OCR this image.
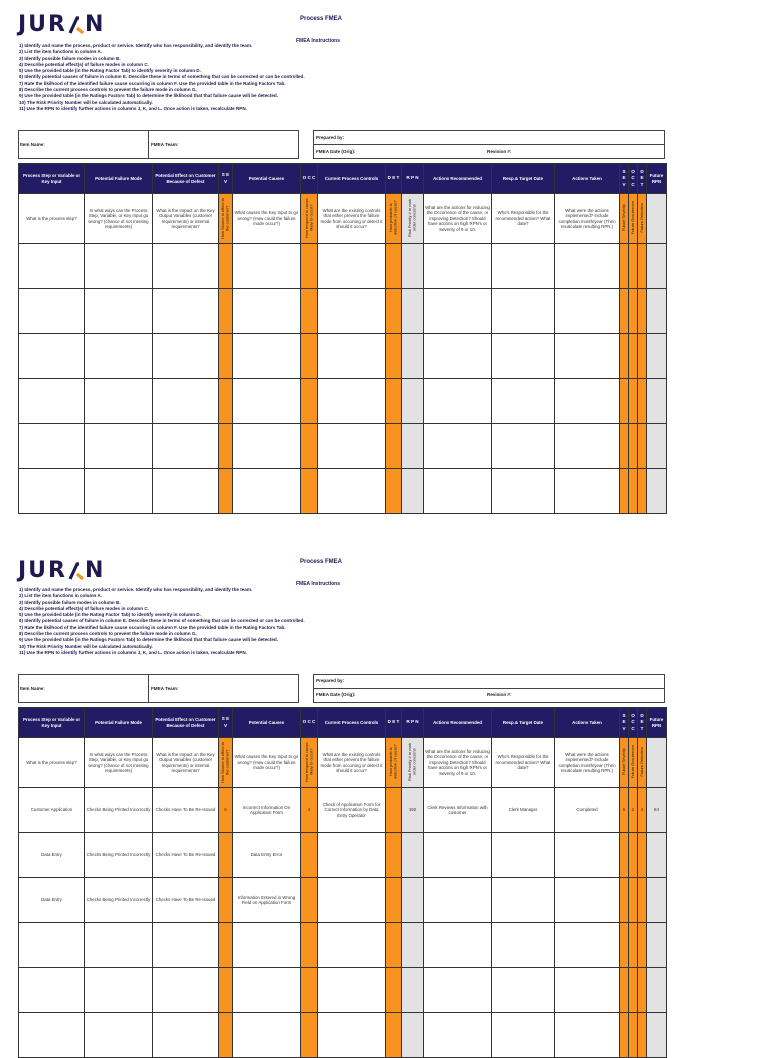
JUR N	Process FMEA
FMEA Instructions
1) Identify and name the process, product or service. Identify who has responsibility, and identify the team.
2) List the item functions in column A.
3) Identify possible failure modes in column B.
4) Describe potential effect(s) of failure modes in column C.
5) Use the provided table (in the Rating Factor Tab) to identify severity in column D.
6) Identify potential causes of failure in column E. Describe these in terms of something that can be corrected or can be controlled.
7) Rate the likilhood of the identified failure cause occurring in column F. Use the provided table in the Rating Factors Tab.
8) Describe the current process controls to prevent the failure mode in column G.
9) Use the provided table (in the Ratings Factors Tab) to determine the liklihood that that failure cause will be detected.
10) The Risk Priority Number will be calculated automatically.
11) Use the RPN to identify further actions in columns J, K, and L. Once action is taken, recalculate RPN.
Item Name:	FMEA Team:
Prepared by:
FMEA Date (Orig):	Revision #:
Process Step or Variable or Key Input	Potential Failure Mode	Potential Effect on Customer Because of Defect	S E V	Potential Causes	O C C	Current Process Controls	D E T	R P N	Actions Recommended	Resp.& Target Date	Actions Taken	S E V	O C C	D E T	Future RPN
What is the process step?	In what ways can the Process Step, Variable, or Key Input go wrong? (chance of not meeting requirements)	What is the impact on the Key Output Variables (customer requirements) or internal requirements?	How Severe is effect to the customer?	What causes the Key Input to go wrong? (How could the failure mode occur?)	How frequent is cause likely to occur?	What are the existing controls that either prevent the failure mode from occurring or detect it should it occur?	How probable is detection of cause?	Risk Priority # to rank order concerns	What are the actions for reducing the Occurrence of the cause, or improving Detection? Should have actions on high RPN's or Severity of 9 or 10.	Who's Responsible for the recommended action? What date?	What were the actions implemented? Include completion month/year (Then recalculate resulting RPN.)	Future Severity	Future Occurrence	Future Detection	

JUR N	Process FMEA
FMEA Instructions
1) Identify and name the process, product or service. Identify who has responsibility, and identify the team.
2) List the item functions in column A.
3) Identify possible failure modes in column B.
4) Describe potential effect(s) of failure modes in column C.
5) Use the provided table (in the Rating Factor Tab) to identify severity in column D.
6) Identify potential causes of failure in column E. Describe these in terms of something that can be corrected or can be controlled.
7) Rate the likilhood of the identified failure cause occurring in column F. Use the provided table in the Rating Factors Tab.
8) Describe the current process controls to prevent the failure mode in column G.
9) Use the provided table (in the Ratings Factors Tab) to determine the liklihood that that failure cause will be detected.
10) The Risk Priority Number will be calculated automatically.
11) Use the RPN to identify further actions in columns J, K, and L. Once action is taken, recalculate RPN.
Item Name:	FMEA Team:
Prepared by:
FMEA Date (Orig):	Revision #:
Process Step or Variable or Key Input	Potential Failure Mode	Potential Effect on Customer Because of Defect	S E V	Potential Causes	O C C	Current Process Controls	D E T	R P N	Actions Recommended	Resp.& Target Date	Actions Taken	S E V	O C C	D E T	Future RPN
What is the process step?	In what ways can the Process Step, Variable, or Key Input go wrong? (chance of not meeting requirements)	What is the impact on the Key Output Variables (customer requirements) or internal requirements?	How Severe is effect to the customer?	What causes the Key Input to go wrong? (How could the failure mode occur?)	How frequent is cause likely to occur?	What are the existing controls that either prevent the failure mode from occurring or detect it should it occur?	How probable is detection of cause?	Risk Priority # to rank order concerns	What are the actions for reducing the Occurrence of the cause, or improving Detection? Should have actions on high RPN's or Severity of 9 or 10.	Who's Responsible for the recommended action? What date?	What were the actions implemented? Include completion month/year (Then recalculate resulting RPN.)	Future Severity	Future Occurrence	Future Detection	
Customer Application	Checks Being Printed Incorrectly	Checks Have To Be Re-Issued	6	Incorrect Information On Application Form	4	Check of Application Form for Correct Information by Data Entry Operator		192	Clerk Reviews Information with customer	Clerk Manager	Completed	6	2	4	64
Data Entry	Checks Being Printed Incorrectly	Checks Have To Be Re-Issued		Data Entry Error											
Data Entry	Checks Being Printed Incorrectly	Checks Have To Be Re-Issued		Information Entered in Wrong Field on Application Form											
